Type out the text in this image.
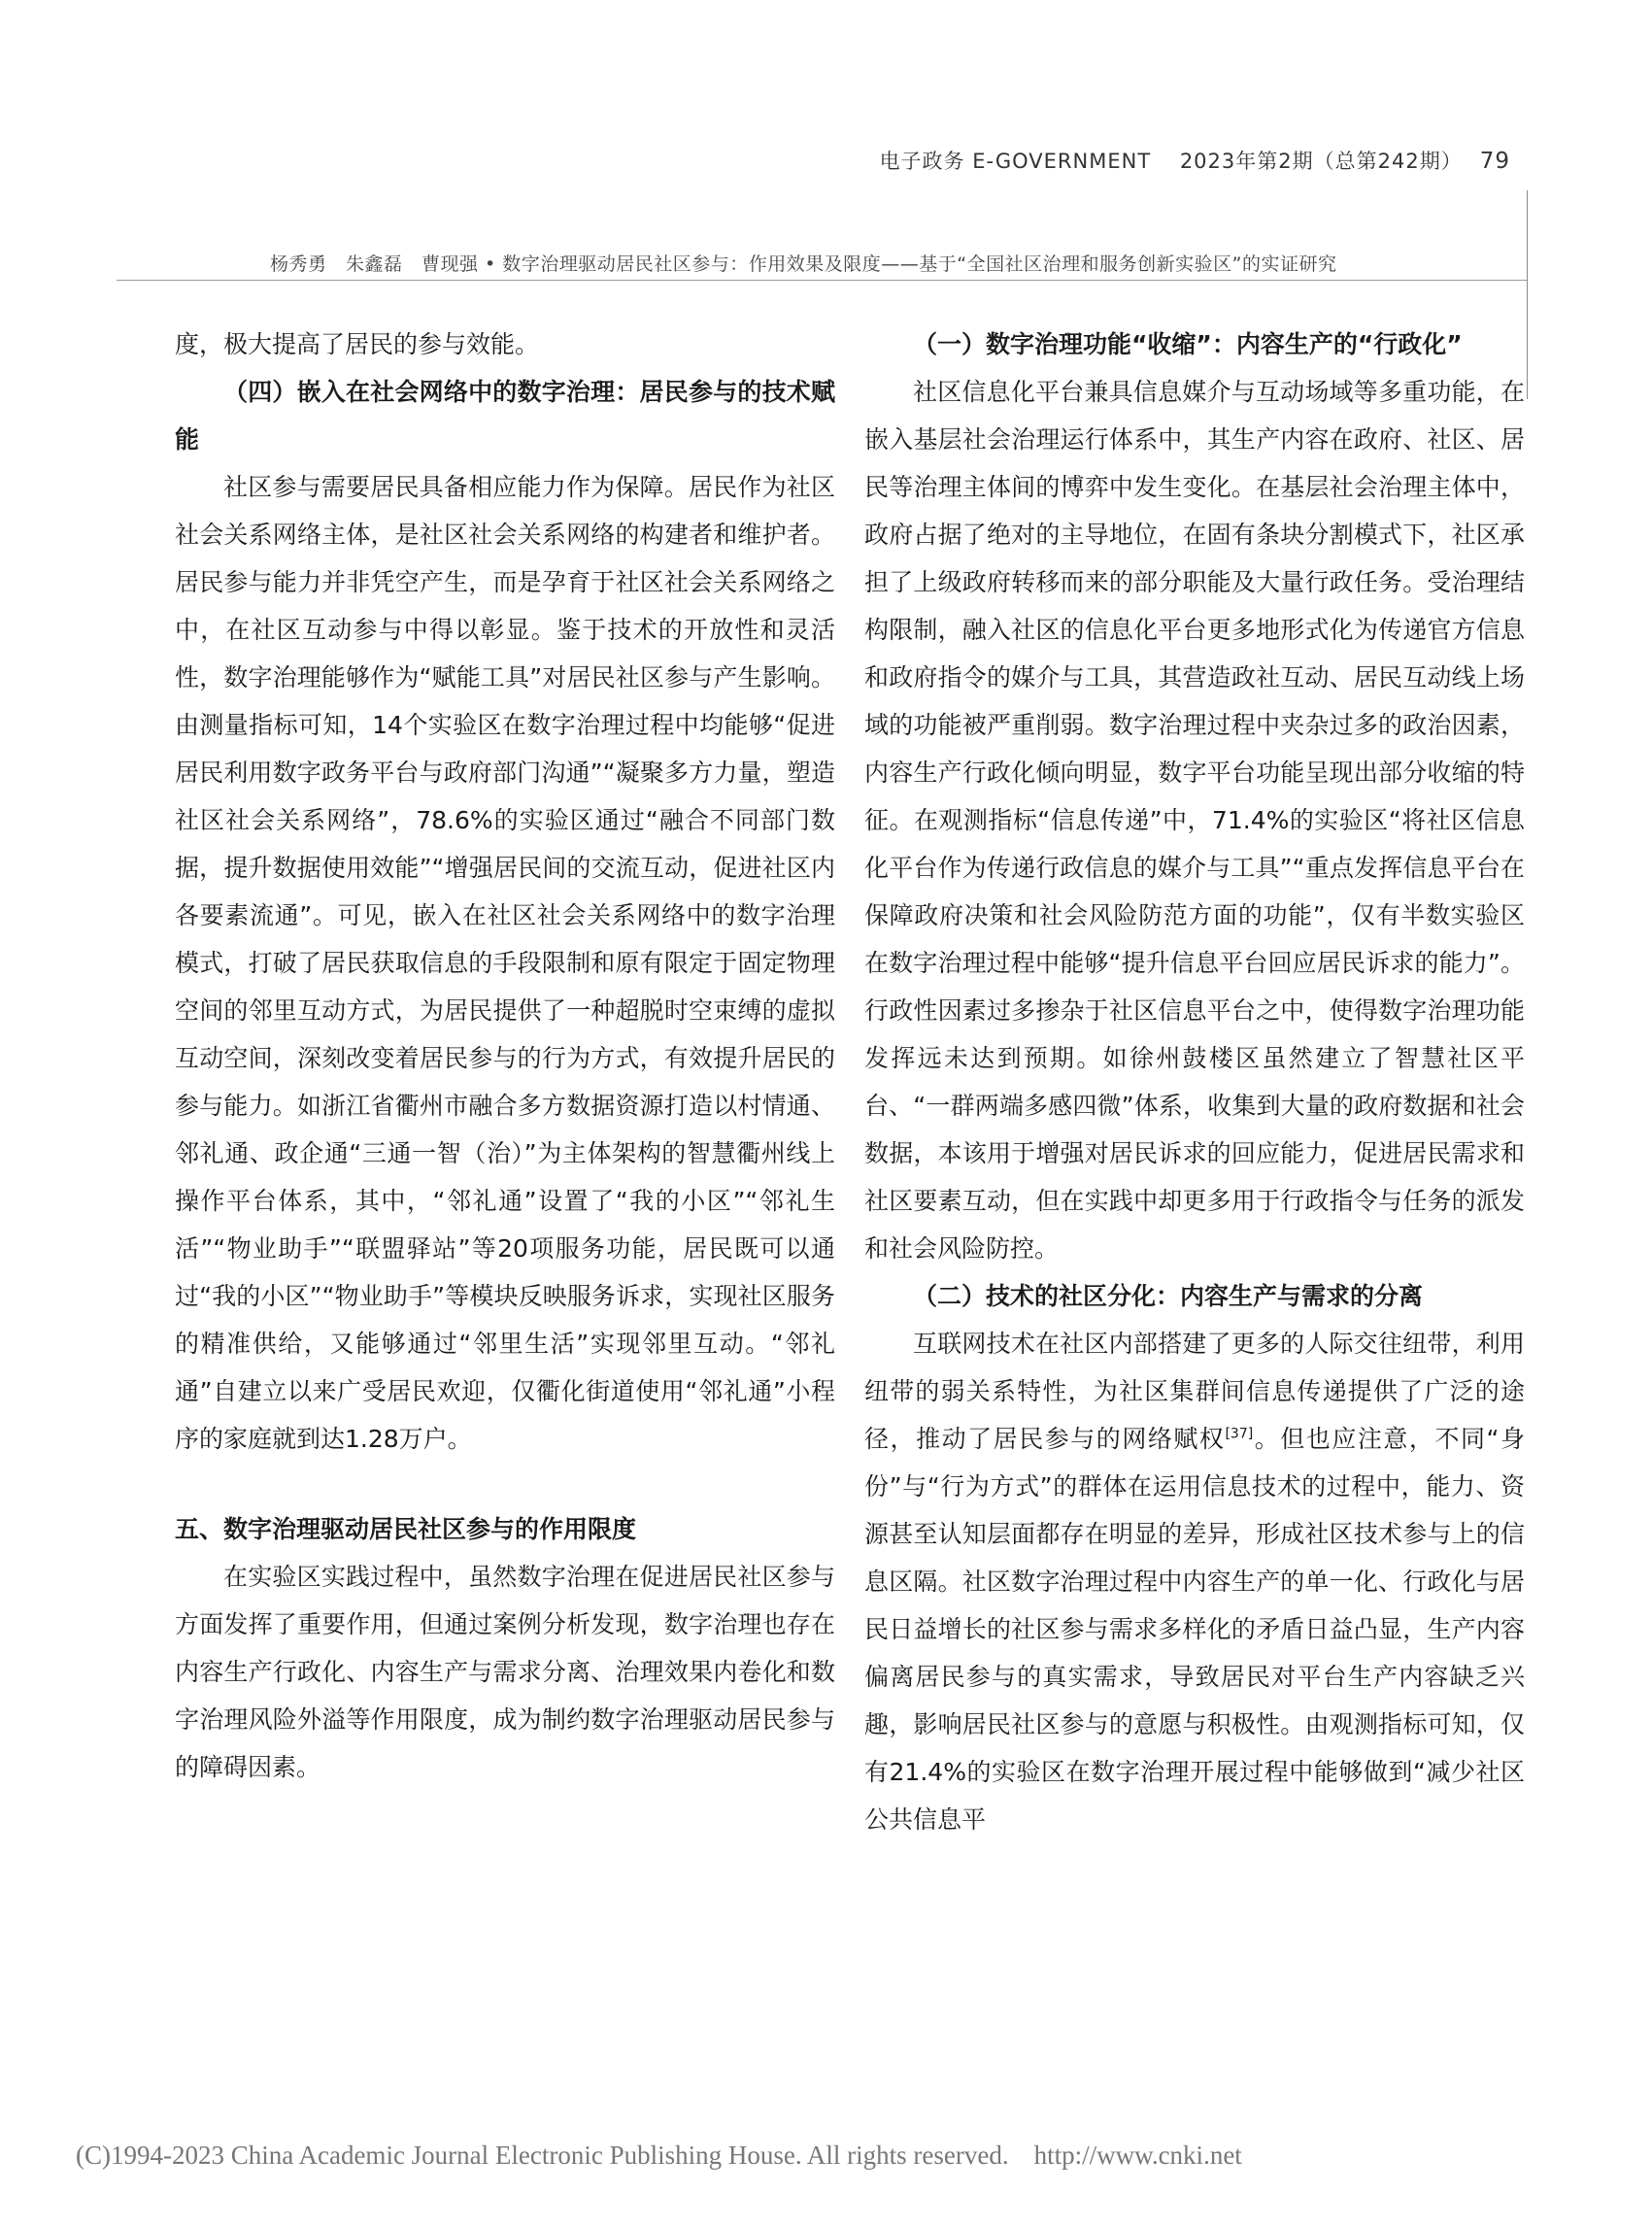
电子政务 E-GOVERNMENT　 2023年第2期（总第242期） 79
杨秀勇　朱鑫磊　曹现强 • 数字治理驱动居民社区参与：作用效果及限度——基于“全国社区治理和服务创新实验区”的实证研究

度，极大提高了居民的参与效能。

（四）嵌入在社会网络中的数字治理：居民参与的技术赋能

社区参与需要居民具备相应能力作为保障。居民作为社区社会关系网络主体，是社区社会关系网络的构建者和维护者。居民参与能力并非凭空产生，而是孕育于社区社会关系网络之中，在社区互动参与中得以彰显。鉴于技术的开放性和灵活性，数字治理能够作为“赋能工具”对居民社区参与产生影响。由测量指标可知，14个实验区在数字治理过程中均能够“促进居民利用数字政务平台与政府部门沟通”“凝聚多方力量，塑造社区社会关系网络”，78.6%的实验区通过“融合不同部门数据，提升数据使用效能”“增强居民间的交流互动，促进社区内各要素流通”。可见，嵌入在社区社会关系网络中的数字治理模式，打破了居民获取信息的手段限制和原有限定于固定物理空间的邻里互动方式，为居民提供了一种超脱时空束缚的虚拟互动空间，深刻改变着居民参与的行为方式，有效提升居民的参与能力。如浙江省衢州市融合多方数据资源打造以村情通、邻礼通、政企通“三通一智（治）”为主体架构的智慧衢州线上操作平台体系，其中，“邻礼通”设置了“我的小区”“邻礼生活”“物业助手”“联盟驿站”等20项服务功能，居民既可以通过“我的小区”“物业助手”等模块反映服务诉求，实现社区服务的精准供给，又能够通过“邻里生活”实现邻里互动。“邻礼通”自建立以来广受居民欢迎，仅衢化街道使用“邻礼通”小程序的家庭就到达1.28万户。

五、数字治理驱动居民社区参与的作用限度

在实验区实践过程中，虽然数字治理在促进居民社区参与方面发挥了重要作用，但通过案例分析发现，数字治理也存在内容生产行政化、内容生产与需求分离、治理效果内卷化和数字治理风险外溢等作用限度，成为制约数字治理驱动居民参与的障碍因素。

（一）数字治理功能“收缩”：内容生产的“行政化”

社区信息化平台兼具信息媒介与互动场域等多重功能，在嵌入基层社会治理运行体系中，其生产内容在政府、社区、居民等治理主体间的博弈中发生变化。在基层社会治理主体中，政府占据了绝对的主导地位，在固有条块分割模式下，社区承担了上级政府转移而来的部分职能及大量行政任务。受治理结构限制，融入社区的信息化平台更多地形式化为传递官方信息和政府指令的媒介与工具，其营造政社互动、居民互动线上场域的功能被严重削弱。数字治理过程中夹杂过多的政治因素，内容生产行政化倾向明显，数字平台功能呈现出部分收缩的特征。在观测指标“信息传递”中，71.4%的实验区“将社区信息化平台作为传递行政信息的媒介与工具”“重点发挥信息平台在保障政府决策和社会风险防范方面的功能”，仅有半数实验区在数字治理过程中能够“提升信息平台回应居民诉求的能力”。行政性因素过多掺杂于社区信息平台之中，使得数字治理功能发挥远未达到预期。如徐州鼓楼区虽然建立了智慧社区平台、“一群两端多感四微”体系，收集到大量的政府数据和社会数据，本该用于增强对居民诉求的回应能力，促进居民需求和社区要素互动，但在实践中却更多用于行政指令与任务的派发和社会风险防控。

（二）技术的社区分化：内容生产与需求的分离

互联网技术在社区内部搭建了更多的人际交往纽带，利用纽带的弱关系特性，为社区集群间信息传递提供了广泛的途径，推动了居民参与的网络赋权[37]。但也应注意，不同“身份”与“行为方式”的群体在运用信息技术的过程中，能力、资源甚至认知层面都存在明显的差异，形成社区技术参与上的信息区隔。社区数字治理过程中内容生产的单一化、行政化与居民日益增长的社区参与需求多样化的矛盾日益凸显，生产内容偏离居民参与的真实需求，导致居民对平台生产内容缺乏兴趣，影响居民社区参与的意愿与积极性。由观测指标可知，仅有21.4%的实验区在数字治理开展过程中能够做到“减少社区公共信息平

(C)1994-2023 China Academic Journal Electronic Publishing House. All rights reserved. http://www.cnki.net
